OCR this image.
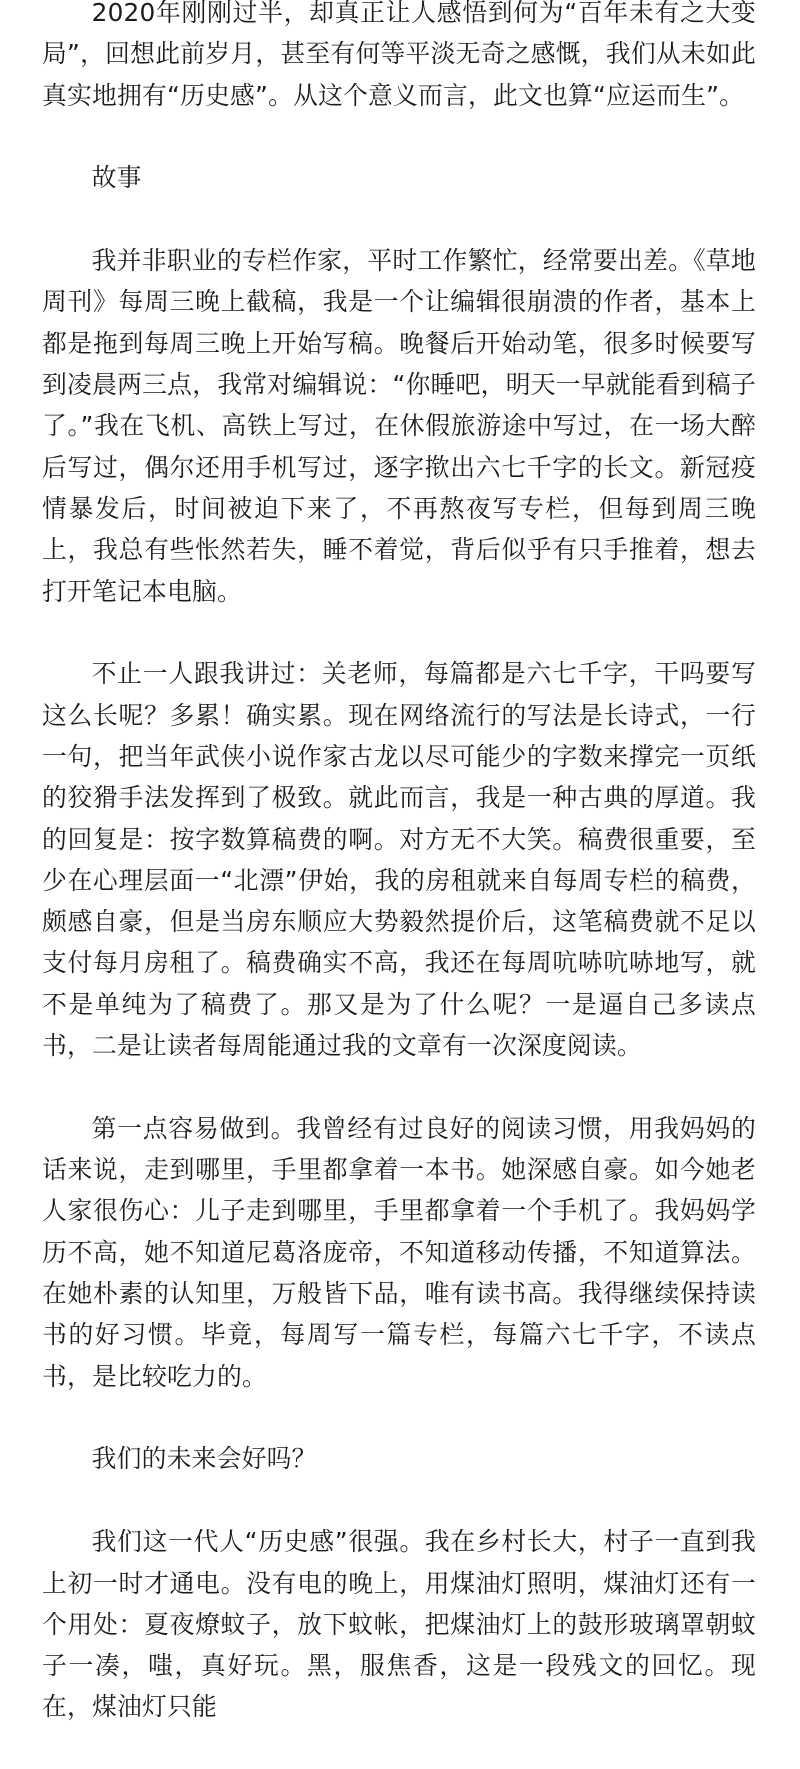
2020年刚刚过半，却真正让人感悟到何为“百年未有之大变局”，回想此前岁月，甚至有何等平淡无奇之感慨，我们从未如此真实地拥有“历史感”。从这个意义而言，此文也算“应运而生”。

故事

我并非职业的专栏作家，平时工作繁忙，经常要出差。《草地周刊》每周三晚上截稿，我是一个让编辑很崩溃的作者，基本上都是拖到每周三晚上开始写稿。晚餐后开始动笔，很多时候要写到凌晨两三点，我常对编辑说：“你睡吧，明天一早就能看到稿子了。”我在飞机、高铁上写过，在休假旅游途中写过，在一场大醉后写过，偶尔还用手机写过，逐字揿出六七千字的长文。新冠疫情暴发后，时间被迫下来了，不再熬夜写专栏，但每到周三晚上，我总有些怅然若失，睡不着觉，背后似乎有只手推着，想去打开笔记本电脑。

不止一人跟我讲过：关老师，每篇都是六七千字，干吗要写这么长呢？多累！确实累。现在网络流行的写法是长诗式，一行一句，把当年武侠小说作家古龙以尽可能少的字数来撑完一页纸的狡猾手法发挥到了极致。就此而言，我是一种古典的厚道。我的回复是：按字数算稿费的啊。对方无不大笑。稿费很重要，至少在心理层面一“北漂”伊始，我的房租就来自每周专栏的稿费，颇感自豪，但是当房东顺应大势毅然提价后，这笔稿费就不足以支付每月房租了。稿费确实不高，我还在每周吭哧吭哧地写，就不是单纯为了稿费了。那又是为了什么呢？一是逼自己多读点书，二是让读者每周能通过我的文章有一次深度阅读。

第一点容易做到。我曾经有过良好的阅读习惯，用我妈妈的话来说，走到哪里，手里都拿着一本书。她深感自豪。如今她老人家很伤心：儿子走到哪里，手里都拿着一个手机了。我妈妈学历不高，她不知道尼葛洛庞帝，不知道移动传播，不知道算法。在她朴素的认知里，万般皆下品，唯有读书高。我得继续保持读书的好习惯。毕竟，每周写一篇专栏，每篇六七千字，不读点书，是比较吃力的。

我们的未来会好吗？

我们这一代人“历史感”很强。我在乡村长大，村子一直到我上初一时才通电。没有电的晚上，用煤油灯照明，煤油灯还有一个用处：夏夜燎蚊子，放下蚊帐，把煤油灯上的鼓形玻璃罩朝蚊子一凑，嗤，真好玩。黑，服焦香，这是一段残文的回忆。现在，煤油灯只能
